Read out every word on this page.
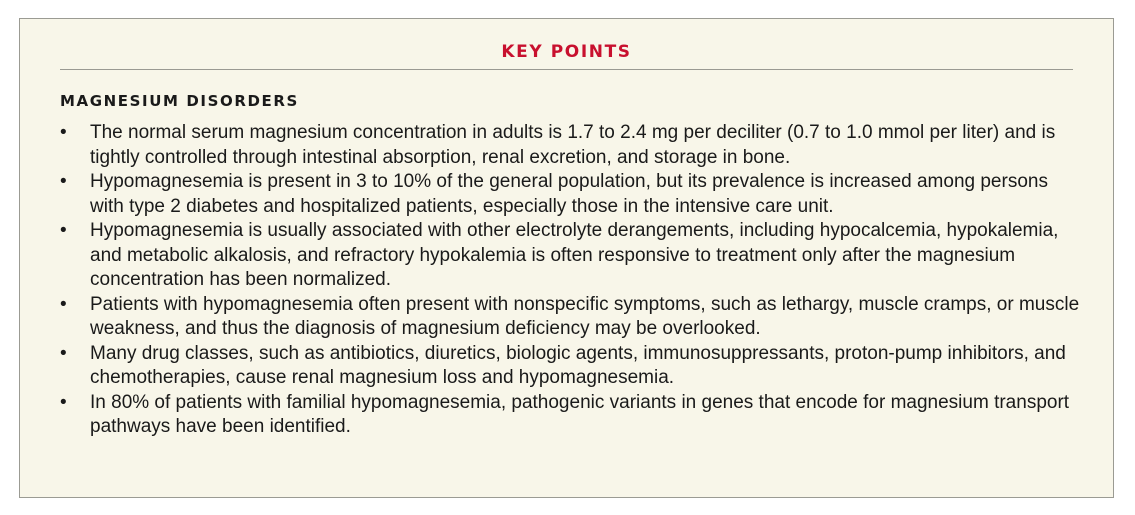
KEY POINTS
MAGNESIUM DISORDERS
• The normal serum magnesium concentration in adults is 1.7 to 2.4 mg per deciliter (0.7 to 1.0 mmol per liter) and is tightly controlled through intestinal absorption, renal excretion, and storage in bone.
• Hypomagnesemia is present in 3 to 10% of the general population, but its prevalence is increased among persons with type 2 diabetes and hospitalized patients, especially those in the intensive care unit.
• Hypomagnesemia is usually associated with other electrolyte derangements, including hypocalcemia, hypokalemia, and metabolic alkalosis, and refractory hypokalemia is often responsive to treatment only after the magnesium concentration has been normalized.
• Patients with hypomagnesemia often present with nonspecific symptoms, such as lethargy, muscle cramps, or muscle weakness, and thus the diagnosis of magnesium deficiency may be overlooked.
• Many drug classes, such as antibiotics, diuretics, biologic agents, immunosuppressants, proton-pump inhibitors, and chemotherapies, cause renal magnesium loss and hypomagnesemia.
• In 80% of patients with familial hypomagnesemia, pathogenic variants in genes that encode for magnesium transport pathways have been identified.
